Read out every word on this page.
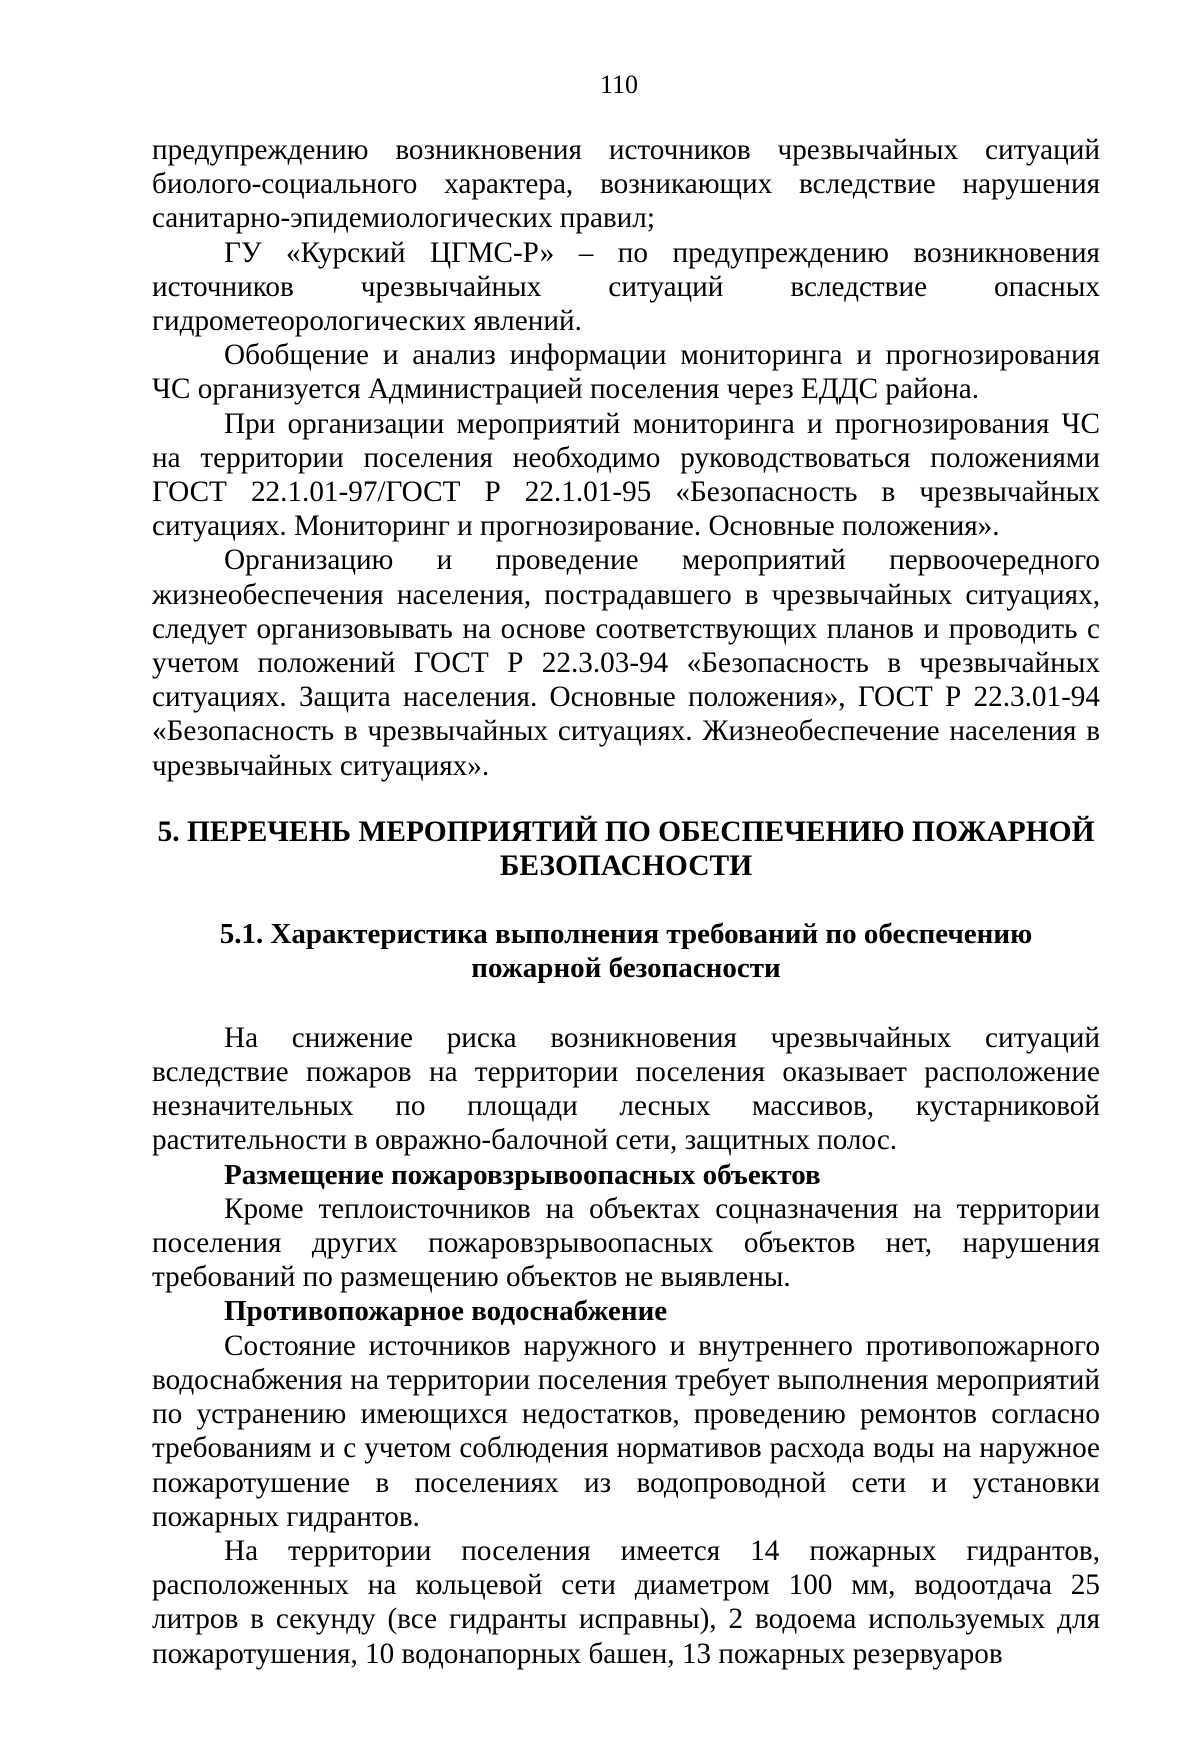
110

предупреждению возникновения источников чрезвычайных ситуаций биолого-социального характера, возникающих вследствие нарушения санитарно-эпидемиологических правил;

ГУ «Курский ЦГМС-Р» – по предупреждению возникновения источников чрезвычайных ситуаций вследствие опасных гидрометеорологических явлений.

Обобщение и анализ информации мониторинга и прогнозирования ЧС организуется Администрацией поселения через ЕДДС района.

При организации мероприятий мониторинга и прогнозирования ЧС на территории поселения необходимо руководствоваться положениями ГОСТ 22.1.01-97/ГОСТ Р 22.1.01-95 «Безопасность в чрезвычайных ситуациях. Мониторинг и прогнозирование. Основные положения».

Организацию и проведение мероприятий первоочередного жизнеобеспечения населения, пострадавшего в чрезвычайных ситуациях, следует организовывать на основе соответствующих планов и проводить с учетом положений ГОСТ Р 22.3.03-94 «Безопасность в чрезвычайных ситуациях. Защита населения. Основные положения», ГОСТ Р 22.3.01-94 «Безопасность в чрезвычайных ситуациях. Жизнеобеспечение населения в чрезвычайных ситуациях».

5. ПЕРЕЧЕНЬ МЕРОПРИЯТИЙ ПО ОБЕСПЕЧЕНИЮ ПОЖАРНОЙ
БЕЗОПАСНОСТИ
5.1. Характеристика выполнения требований по обеспечению
пожарной безопасности

На снижение риска возникновения чрезвычайных ситуаций вследствие пожаров на территории поселения оказывает расположение незначительных по площади лесных массивов, кустарниковой растительности в овражно-балочной сети, защитных полос.

Размещение пожаровзрывоопасных объектов

Кроме теплоисточников на объектах соцназначения на территории поселения других пожаровзрывоопасных объектов нет, нарушения требований по размещению объектов не выявлены.

Противопожарное водоснабжение

Состояние источников наружного и внутреннего противопожарного водоснабжения на территории поселения требует выполнения мероприятий по устранению имеющихся недостатков, проведению ремонтов согласно требованиям и с учетом соблюдения нормативов расхода воды на наружное пожаротушение в поселениях из водопроводной сети и установки пожарных гидрантов.

На территории поселения имеется 14 пожарных гидрантов, расположенных на кольцевой сети диаметром 100 мм, водоотдача 25 литров в секунду (все гидранты исправны), 2 водоема используемых для пожаротушения, 10 водонапорных башен, 13 пожарных резервуаров
